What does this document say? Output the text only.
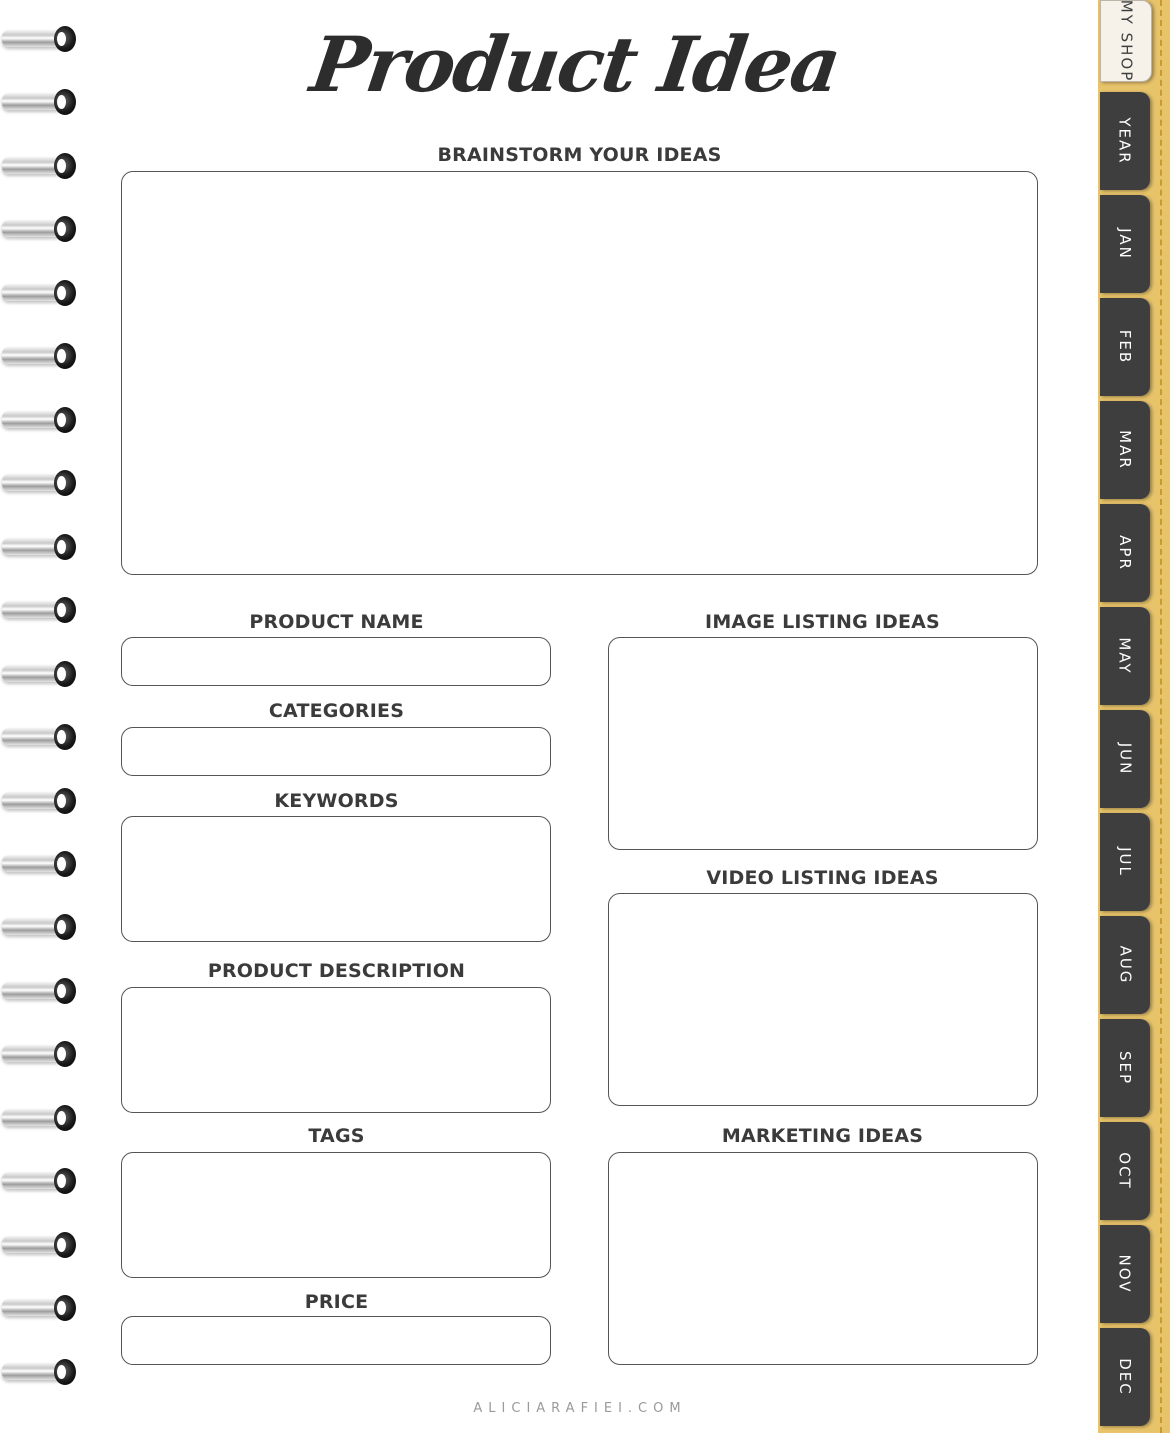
Product Idea
BRAINSTORM YOUR IDEAS
PRODUCT NAME
CATEGORIES
KEYWORDS
PRODUCT DESCRIPTION
TAGS
PRICE
IMAGE LISTING IDEAS
VIDEO LISTING IDEAS
MARKETING IDEAS
ALICIARAFIEI.COM
MY SHOP
YEAR
JAN
FEB
MAR
APR
MAY
JUN
JUL
AUG
SEP
OCT
NOV
DEC
